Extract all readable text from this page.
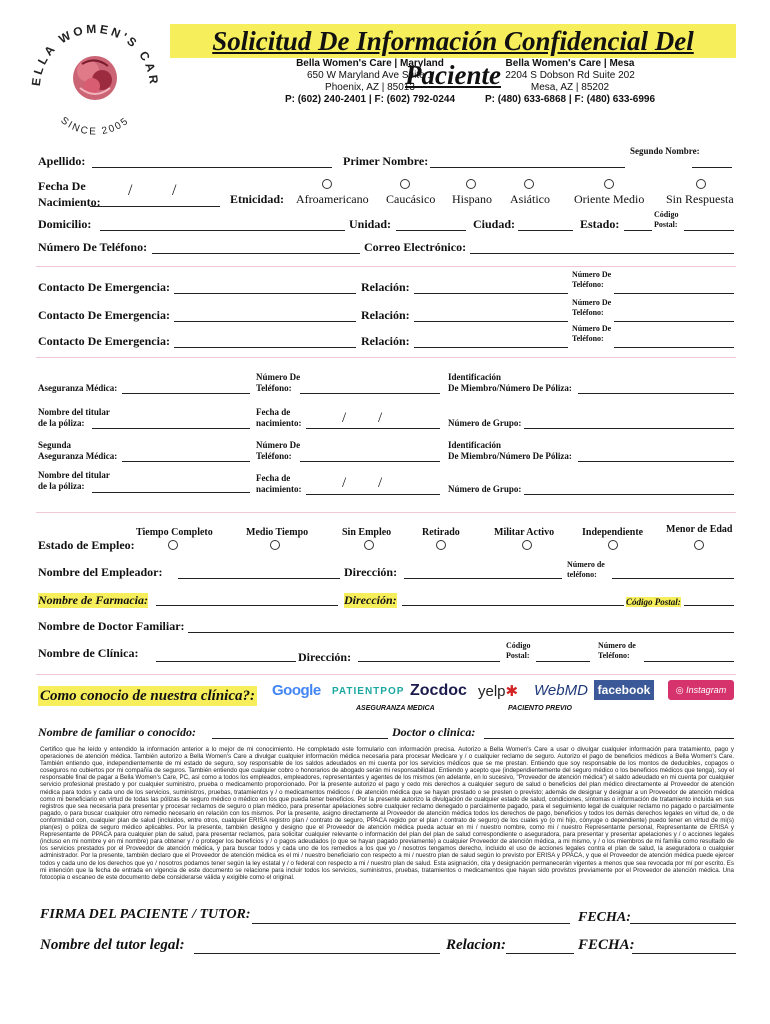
ELLA WOMEN'S CAR
SINCE 2005
Solicitud De Información Confidencial Del Paciente
Bella Women's Care | Maryland
650 W Maryland Ave Suite 1
Phoenix, AZ | 85013
P: (602) 240-2401 | F: (602) 792-0244
Bella Women's Care | Mesa
2204 S Dobson Rd Suite 202
Mesa, AZ | 85202
P: (480) 633-6868 | F: (480) 633-6996
Apellido:	Primer Nombre:
Segundo Nombre:
Fecha De
Nacimiento:
/ /	Etnicidad: Afroamericano Caucásico Hispano Asiático Oriente Medio Sin Respuesta
Domicilio:	Unidad:	Ciudad:	Estado:
Código
Postal:
Número De Teléfono:	Correo Electrónico:
Contacto De Emergencia:	Relación:
Número De
Teléfono:
Contacto De Emergencia:	Relación:
Número De
Teléfono:
Contacto De Emergencia:	Relación:
Número De
Teléfono:
Aseguranza Médica:
Número De
Teléfono:
Identificación
De Miembro/Número De Póliza:
Nombre del titular
de la póliza:
Fecha de
nacimiento:	/ /	Número de Grupo:
Segunda
Aseguranza Médica:
Número De
Teléfono:
Identificación
De Miembro/Número De Póliza:
Nombre del titular
de la póliza:
Fecha de
nacimiento:	/ /	Número de Grupo:
Estado de Empleo:
Tiempo Completo	Medio Tiempo	Sin Empleo	Retirado	Militar Activo	Independiente Menor de Edad
Nombre del Empleador:	Dirección:
Número de
teléfono:
Nombre de Farmacia:	Dirección:	Código Postal:
Nombre de Doctor Familiar:
Nombre de Clínica:	Dirección:
Código
Postal:
Número de
Teléfono:
Como conocio de nuestra clínica?: Google PATIENTPOP Zocdoc yelp✱ WebMD facebook	◎ Instagram
ASEGURANZA MEDICA	PACIENTO PREVIO
Nombre de familiar o conocido:	Doctor o clinica:
Certifico que he leído y entendido la información anterior a lo mejor de mi conocimiento. He completado este formulario con información precisa. Autorizo a Bella Women's Care a usar o divulgar cualquier información para tratamiento, pago y operaciones de atención médica. También autorizo a Bella Women's Care a divulgar cualquier información médica necesaria para procesar Medicare y / o cualquier reclamo de seguro. Autorizo el pago de beneficios médicos a Bella Women's Care. También entiendo que, independientemente de mi estado de seguro, soy responsable de los saldos adeudados en mi cuenta por los servicios médicos que se me prestan. Entiendo que soy responsable de los montos de deducibles, copagos o coseguros no cubiertos por mi compañía de seguros. También entiendo que cualquier cobro o honorarios de abogado serán mi responsabilidad. Entiendo y acepto que (independientemente del seguro médico o los beneficios médicos que tenga), soy el responsable final de pagar a Bella Women's Care, PC, así como a todos los empleados, empleadores, representantes y agentes de los mismos (en adelante, en lo sucesivo, "Proveedor de atención médica") el saldo adeudado en mi cuenta por cualquier servicio profesional prestado y por cualquier suministro, prueba o medicamento proporcionado. Por la presente autorizo el pago y cedo mis derechos a cualquier seguro de salud o beneficios del plan médico directamente al Proveedor de atención médica para todos y cada uno de los servicios, suministros, pruebas, tratamientos y / o medicamentos médicos / de atención médica que se hayan prestado o se presten o previsto; además de designar y designar a un Proveedor de atención médica como mi beneficiario en virtud de todas las pólizas de seguro médico o médico en los que pueda tener beneficios. Por la presente autorizo la divulgación de cualquier estado de salud, condiciones, síntomas o información de tratamiento incluida en sus registros que sea necesaria para presentar y procesar reclamos de seguro o plan médico, para presentar apelaciones sobre cualquier reclamo denegado o parcialmente pagado, para el seguimiento legal de cualquier reclamo no pagado o parcialmente pagado, o para buscar cualquier otro remedio necesario en relación con los mismos. Por la presente, asigno directamente al Proveedor de atención médica todos los derechos de pago, beneficios y todos los demás derechos legales en virtud de, o de conformidad con, cualquier plan de salud (incluidos, entre otros, cualquier ERISA registro plan / contrato de seguro, PPACA regido por el plan / contrato de seguro) de los cuales yo (o mi hijo, cónyuge o dependiente) puedo tener en virtud de mi(s) plan(es) o póliza de seguro médico aplicables. Por la presente, también designo y designo que el Proveedor de atención médica pueda actuar en mi / nuestro nombre, como mi / nuestro Representante personal, Representante de ERISA y Representante de PPACA para cualquier plan de salud, para presentar reclamos, para solicitar cualquier relevante o información del plan del plan de salud correspondiente o aseguradora, para presentar y presentar apelaciones y / o acciones legales (incluso en mi nombre y en mi nombre) para obtener y / o proteger los beneficios y / o pagos adeudados (o que se hayan pagado previamente) a cualquier Proveedor de atención médica, a mi mismo, y / o los miembros de mi familia como resultado de los servicios prestados por el Proveedor de atención médica, y para buscar todos y cada uno de los remedios a los que yo / nosotros tengamos derecho, incluido el uso de acciones legales contra el plan de salud, la aseguradora o cualquier administrador. Por la presente, también declaro que el Proveedor de atención médica es el mi / nuestro beneficiario con respecto a mi / nuestro plan de salud según lo previsto por ERISA y PPACA, y que el Proveedor de atención médica puede ejercer todos y cada uno de los derechos que yo / nosotros podamos tener según la ley estatal y / o federal con respecto a mi / nuestro plan de salud. Esta asignación, cita y designación permanecerán vigentes a menos que sea revocada por mí por escrito. Es mi intención que la fecha de entrada en vigencia de este documento se relacione para incluir todos los servicios, suministros, pruebas, tratamientos o medicamentos que hayan sido provistos previamente por el Proveedor de atención médica. Una fotocopia o escaneo de este documento debe considerarse válida y exigible como el original.
FIRMA DEL PACIENTE / TUTOR:	FECHA:
Nombre del tutor legal:	Relacion:	FECHA:
